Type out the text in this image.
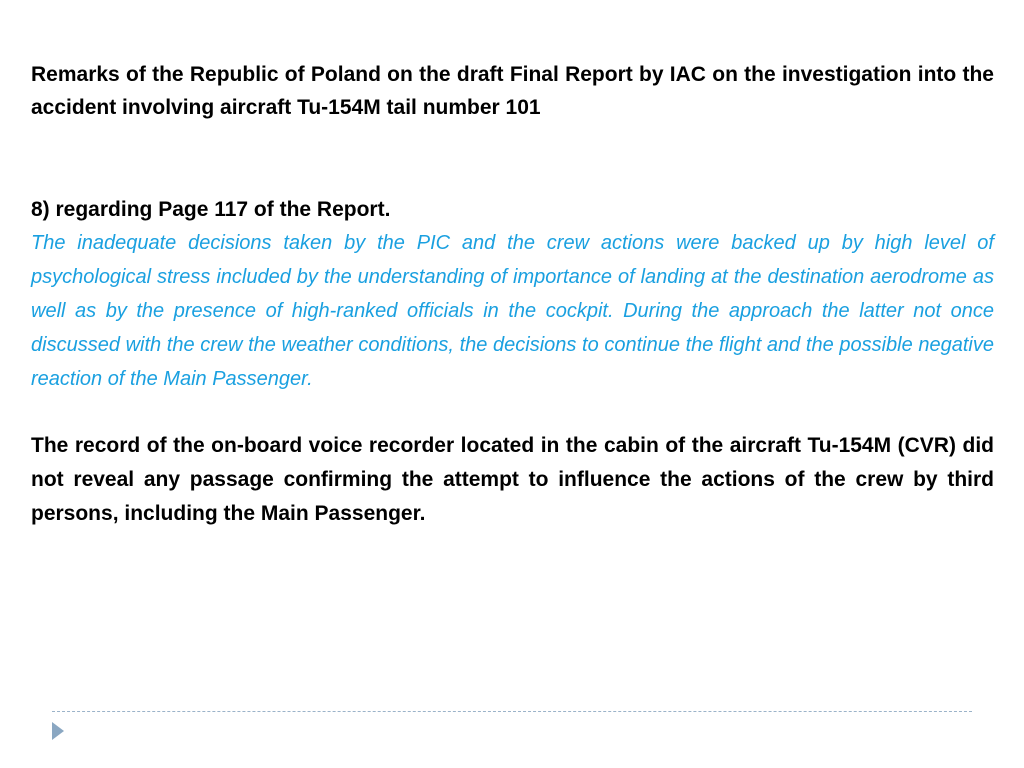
Remarks of the Republic of Poland on the draft Final Report by IAC on the investigation into the accident involving aircraft Tu-154M tail number 101

8) regarding Page 117 of the Report.

The inadequate decisions taken by the PIC and the crew actions were backed up by high level of psychological stress included by the understanding of importance of landing at the destination aerodrome as well as by the presence of high-ranked officials in the cockpit. During the approach the latter not once discussed with the crew the weather conditions, the decisions to continue the flight and the possible negative reaction of the Main Passenger.

The record of the on-board voice recorder located in the cabin of the aircraft Tu-154M (CVR) did not reveal any passage confirming the attempt to influence the actions of the crew by third persons, including the Main Passenger.
